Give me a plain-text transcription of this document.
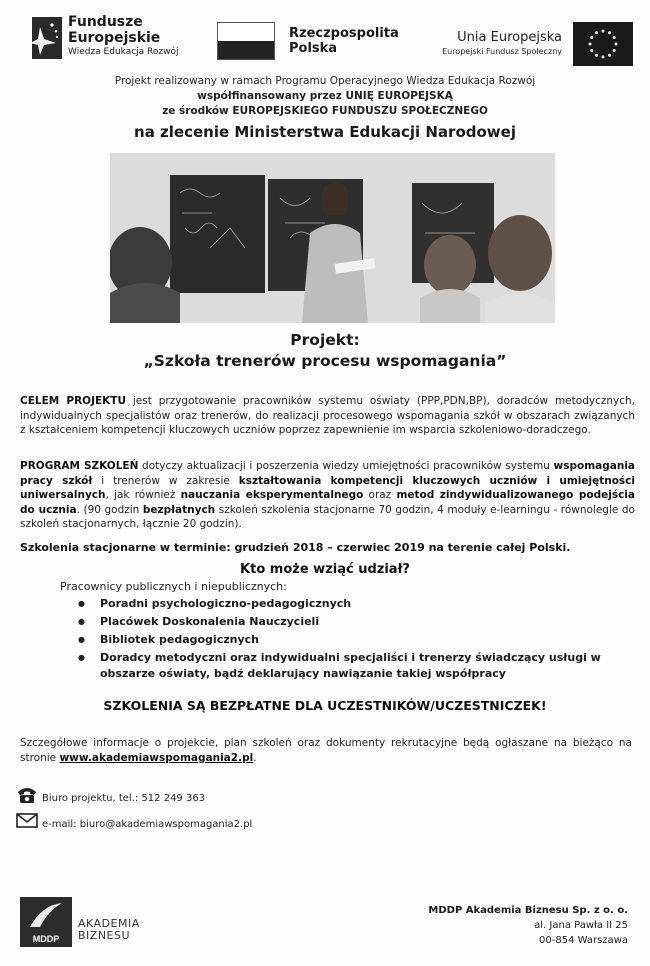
Fundusze
Europejskie
Wiedza Edukacja Rozwój
Rzeczpospolita
Polska
Unia Europejska
Europejski Fundusz Społeczny
Projekt realizowany w ramach Programu Operacyjnego Wiedza Edukacja Rozwój
współfinansowany przez UNIĘ EUROPEJSKĄ
ze środków EUROPEJSKIEGO FUNDUSZU SPOŁECZNEGO
na zlecenie Ministerstwa Edukacji Narodowej
Projekt:
„Szkoła trenerów procesu wspomagania”
CELEM PROJEKTU jest przygotowanie pracowników systemu oświaty (PPP,PDN,BP), doradców metodycznych, indywidualnych specjalistów oraz trenerów, do realizacji procesowego wspomagania szkół w obszarach związanych z kształceniem kompetencji kluczowych uczniów poprzez zapewnienie im wsparcia szkoleniowo-doradczego.
PROGRAM SZKOLEŃ dotyczy aktualizacji i poszerzenia wiedzy umiejętności pracowników systemu wspomagania pracy szkół i trenerów w zakresie kształtowania kompetencji kluczowych uczniów i umiejętności uniwersalnych, jak również nauczania eksperymentalnego oraz metod zindywidualizowanego podejścia do ucznia. (90 godzin bezpłatnych szkoleń szkolenia stacjonarne 70 godzin, 4 moduły e-learningu - równolegle do szkoleń stacjonarnych, łącznie 20 godzin).
Szkolenia stacjonarne w terminie: grudzień 2018 – czerwiec 2019 na terenie całej Polski.
Kto może wziąć udział?
Pracownicy publicznych i niepublicznych:
● Poradni psychologiczno-pedagogicznych
● Placówek Doskonalenia Nauczycieli
● Bibliotek pedagogicznych
● Doradcy metodyczni oraz indywidualni specjaliści i trenerzy świadczący usługi w obszarze oświaty, bądź deklarujący nawiązanie takiej współpracy
SZKOLENIA SĄ BEZPŁATNE DLA UCZESTNIKÓW/UCZESTNICZEK!
Szczegółowe informacje o projekcie, plan szkoleń oraz dokumenty rekrutacyjne będą ogłaszane na bieżąco na stronie www.akademiawspomagania2.pl.
Biuro projektu, tel.: 512 249 363
e-mail: biuro@akademiawspomagania2.pl
MDDP
AKADEMIA
BIZNESU
MDDP Akademia Biznesu Sp. z o. o.
al. Jana Pawła II 25
00-854 Warszawa
